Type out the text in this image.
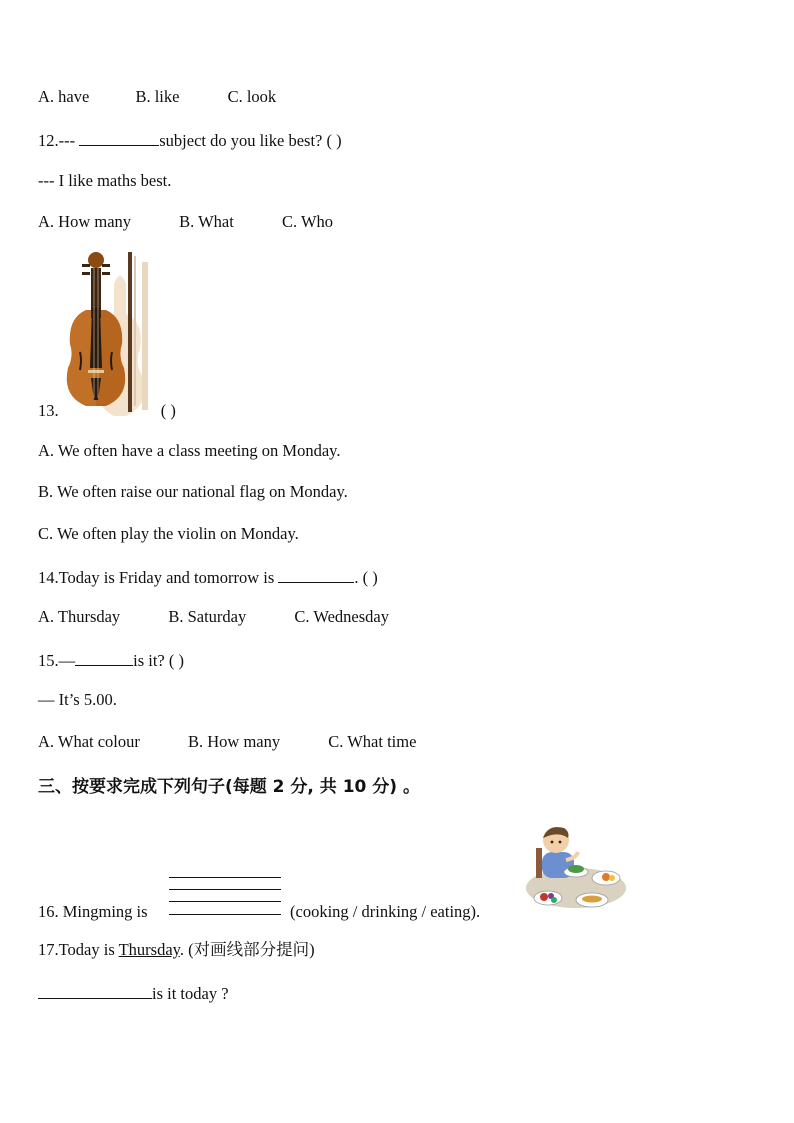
A. have	B. like	C. look
12.---	subject do you like best? ( )
--- I like maths best.
A. How many	B. What	C. Who
13.	( )
A. We often have a class meeting on Monday.
B. We often raise our national flag on Monday.
C. We often play the violin on Monday.
14.Today is Friday and tomorrow is	. ( )
A. Thursday	B. Saturday	C. Wednesday
15.—	is it? ( )
— It’s 5.00.
A. What colour	B. How many	C. What time
三、按要求完成下列句子(每题 2 分, 共 10 分) 。
16. Mingming is	(cooking / drinking / eating).
17.Today is Thursday. (对画线部分提问)
is it today ?
